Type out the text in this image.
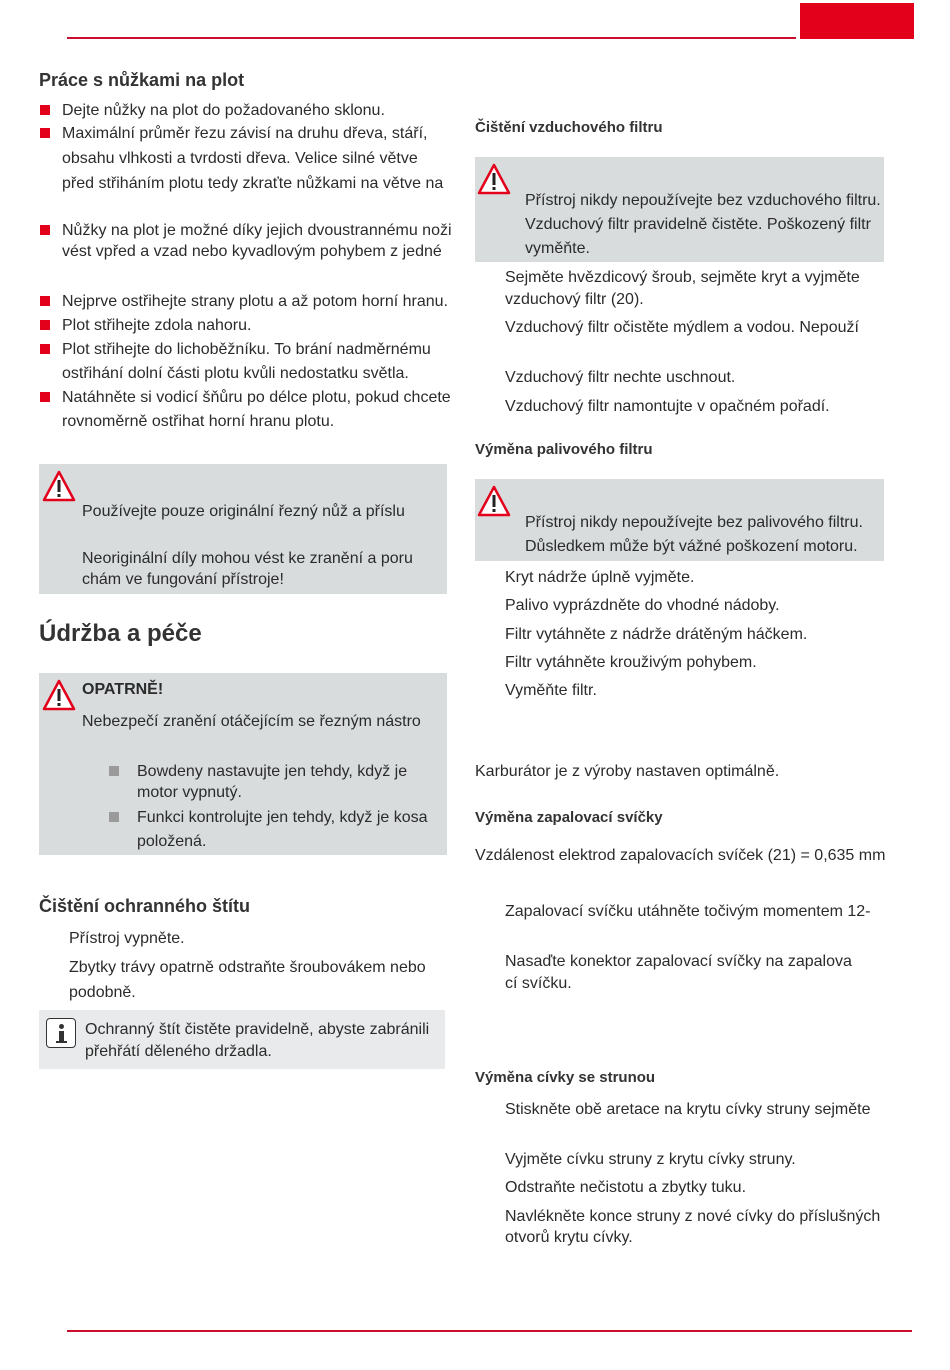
Práce s nůžkami na plot
Dejte nůžky na plot do požadovaného sklonu.
Maximální průměr řezu závisí na druhu dřeva, stáří,
obsahu vlhkosti a tvrdosti dřeva. Velice silné větve
před střiháním plotu tedy zkraťte nůžkami na větve na
Nůžky na plot je možné díky jejich dvoustrannému noži
vést vpřed a vzad nebo kyvadlovým pohybem z jedné
Nejprve ostřihejte strany plotu a až potom horní hranu.
Plot střihejte zdola nahoru.
Plot střihejte do lichoběžníku. To brání nadměrnému
ostřihání dolní části plotu kvůli nedostatku světla.
Natáhněte si vodicí šňůru po délce plotu, pokud chcete
rovnoměrně ostřihat horní hranu plotu.
Používejte pouze originální řezný nůž a příslu
Neoriginální díly mohou vést ke zranění a poru
chám ve fungování přístroje!
Údržba a péče
OPATRNĚ!
Nebezpečí zranění otáčejícím se řezným nástro
Bowdeny nastavujte jen tehdy, když je
motor vypnutý.
Funkci kontrolujte jen tehdy, když je kosa
položená.
Čištění ochranného štítu
Přístroj vypněte.
Zbytky trávy opatrně odstraňte šroubovákem nebo
podobně.
Ochranný štít čistěte pravidelně, abyste zabránili
přehřátí děleného držadla.
Čištění vzduchového filtru
Přístroj nikdy nepoužívejte bez vzduchového filtru.
Vzduchový filtr pravidelně čistěte. Poškozený filtr
vyměňte.
Sejměte hvězdicový šroub, sejměte kryt a vyjměte
vzduchový filtr (20).
Vzduchový filtr očistěte mýdlem a vodou. Nepouží
Vzduchový filtr nechte uschnout.
Vzduchový filtr namontujte v opačném pořadí.
Výměna palivového filtru
Přístroj nikdy nepoužívejte bez palivového filtru.
Důsledkem může být vážné poškození motoru.
Kryt nádrže úplně vyjměte.
Palivo vyprázdněte do vhodné nádoby.
Filtr vytáhněte z nádrže drátěným háčkem.
Filtr vytáhněte krouživým pohybem.
Vyměňte filtr.
Karburátor je z výroby nastaven optimálně.
Výměna zapalovací svíčky
Vzdálenost elektrod zapalovacích svíček (21) = 0,635 mm
Zapalovací svíčku utáhněte točivým momentem 12-
Nasaďte konektor zapalovací svíčky na zapalova
cí svíčku.
Výměna cívky se strunou
Stiskněte obě aretace na krytu cívky struny sejměte
Vyjměte cívku struny z krytu cívky struny.
Odstraňte nečistotu a zbytky tuku.
Navlékněte konce struny z nové cívky do příslušných
otvorů krytu cívky.
